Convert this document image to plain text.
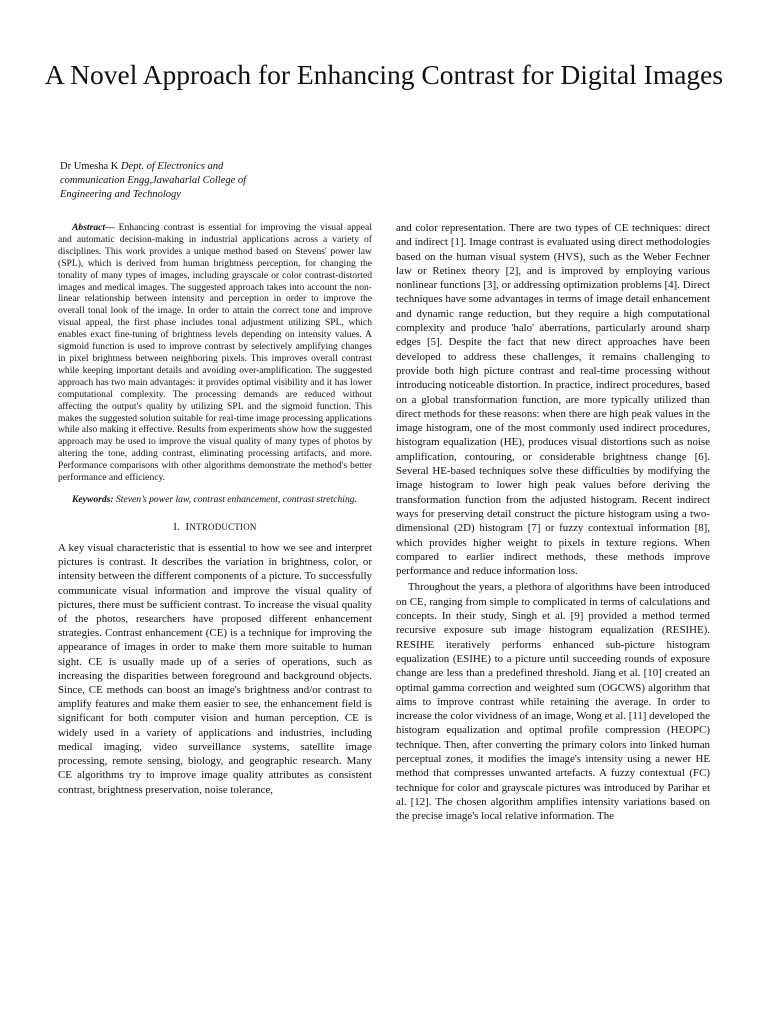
A Novel Approach for Enhancing Contrast for Digital Images
Dr Umesha K Dept. of Electronics and communication Engg,Jawaharlal College of Engineering and Technology

Abstract— Enhancing contrast is essential for improving the visual appeal and automatic decision-making in industrial applications across a variety of disciplines. This work provides a unique method based on Stevens' power law (SPL), which is derived from human brightness perception, for changing the tonality of many types of images, including grayscale or color contrast-distorted images and medical images. The suggested approach takes into account the non-linear relationship between intensity and perception in order to improve the overall tonal look of the image. In order to attain the correct tone and improve visual appeal, the first phase includes tonal adjustment utilizing SPL, which enables exact fine-tuning of brightness levels depending on intensity values. A sigmoid function is used to improve contrast by selectively amplifying changes in pixel brightness between neighboring pixels. This improves overall contrast while keeping important details and avoiding over-amplification. The suggested approach has two main advantages: it provides optimal visibility and it has lower computational complexity. The processing demands are reduced without affecting the output's quality by utilizing SPL and the sigmoid function. This makes the suggested solution suitable for real-time image processing applications while also making it effective. Results from experiments show how the suggested approach may be used to improve the visual quality of many types of photos by altering the tone, adding contrast, eliminating processing artifacts, and more. Performance comparisons with other algorithms demonstrate the method's better performance and efficiency.

Keywords: Steven’s power law, contrast enhancement, contrast stretching.

I. INTRODUCTION

A key visual characteristic that is essential to how we see and interpret pictures is contrast. It describes the variation in brightness, color, or intensity between the different components of a picture. To successfully communicate visual information and improve the visual quality of pictures, there must be sufficient contrast. To increase the visual quality of the photos, researchers have proposed different enhancement strategies. Contrast enhancement (CE) is a technique for improving the appearance of images in order to make them more suitable to human sight. CE is usually made up of a series of operations, such as increasing the disparities between foreground and background objects. Since, CE methods can boost an image's brightness and/or contrast to amplify features and make them easier to see, the enhancement field is significant for both computer vision and human perception. CE is widely used in a variety of applications and industries, including medical imaging, video surveillance systems, satellite image processing, remote sensing, biology, and geographic research. Many CE algorithms try to improve image quality attributes as consistent contrast, brightness preservation, noise tolerance,

and color representation. There are two types of CE techniques: direct and indirect [1]. Image contrast is evaluated using direct methodologies based on the human visual system (HVS), such as the Weber Fechner law or Retinex theory [2], and is improved by employing various nonlinear functions [3], or addressing optimization problems [4]. Direct techniques have some advantages in terms of image detail enhancement and dynamic range reduction, but they require a high computational complexity and produce 'halo' aberrations, particularly around sharp edges [5]. Despite the fact that new direct approaches have been developed to address these challenges, it remains challenging to provide both high picture contrast and real-time processing without introducing noticeable distortion. In practice, indirect procedures, based on a global transformation function, are more typically utilized than direct methods for these reasons: when there are high peak values in the image histogram, one of the most commonly used indirect procedures, histogram equalization (HE), produces visual distortions such as noise amplification, contouring, or considerable brightness change [6]. Several HE-based techniques solve these difficulties by modifying the image histogram to lower high peak values before deriving the transformation function from the adjusted histogram. Recent indirect ways for preserving detail construct the picture histogram using a two-dimensional (2D) histogram [7] or fuzzy contextual information [8], which provides higher weight to pixels in texture regions. When compared to earlier indirect methods, these methods improve performance and reduce information loss.

Throughout the years, a plethora of algorithms have been introduced on CE, ranging from simple to complicated in terms of calculations and concepts. In their study, Singh et al. [9] provided a method termed recursive exposure sub image histogram equalization (RESIHE). RESIHE iteratively performs enhanced sub-picture histogram equalization (ESIHE) to a picture until succeeding rounds of exposure change are less than a predefined threshold. Jiang et al. [10] created an optimal gamma correction and weighted sum (OGCWS) algorithm that aims to improve contrast while retaining the average. In order to increase the color vividness of an image, Wong et al. [11] developed the histogram equalization and optimal profile compression (HEOPC) technique. Then, after converting the primary colors into linked human perceptual zones, it modifies the image's intensity using a newer HE method that compresses unwanted artefacts. A fuzzy contextual (FC) technique for color and grayscale pictures was introduced by Parihar et al. [12]. The chosen algorithm amplifies intensity variations based on the precise image's local relative information. The
